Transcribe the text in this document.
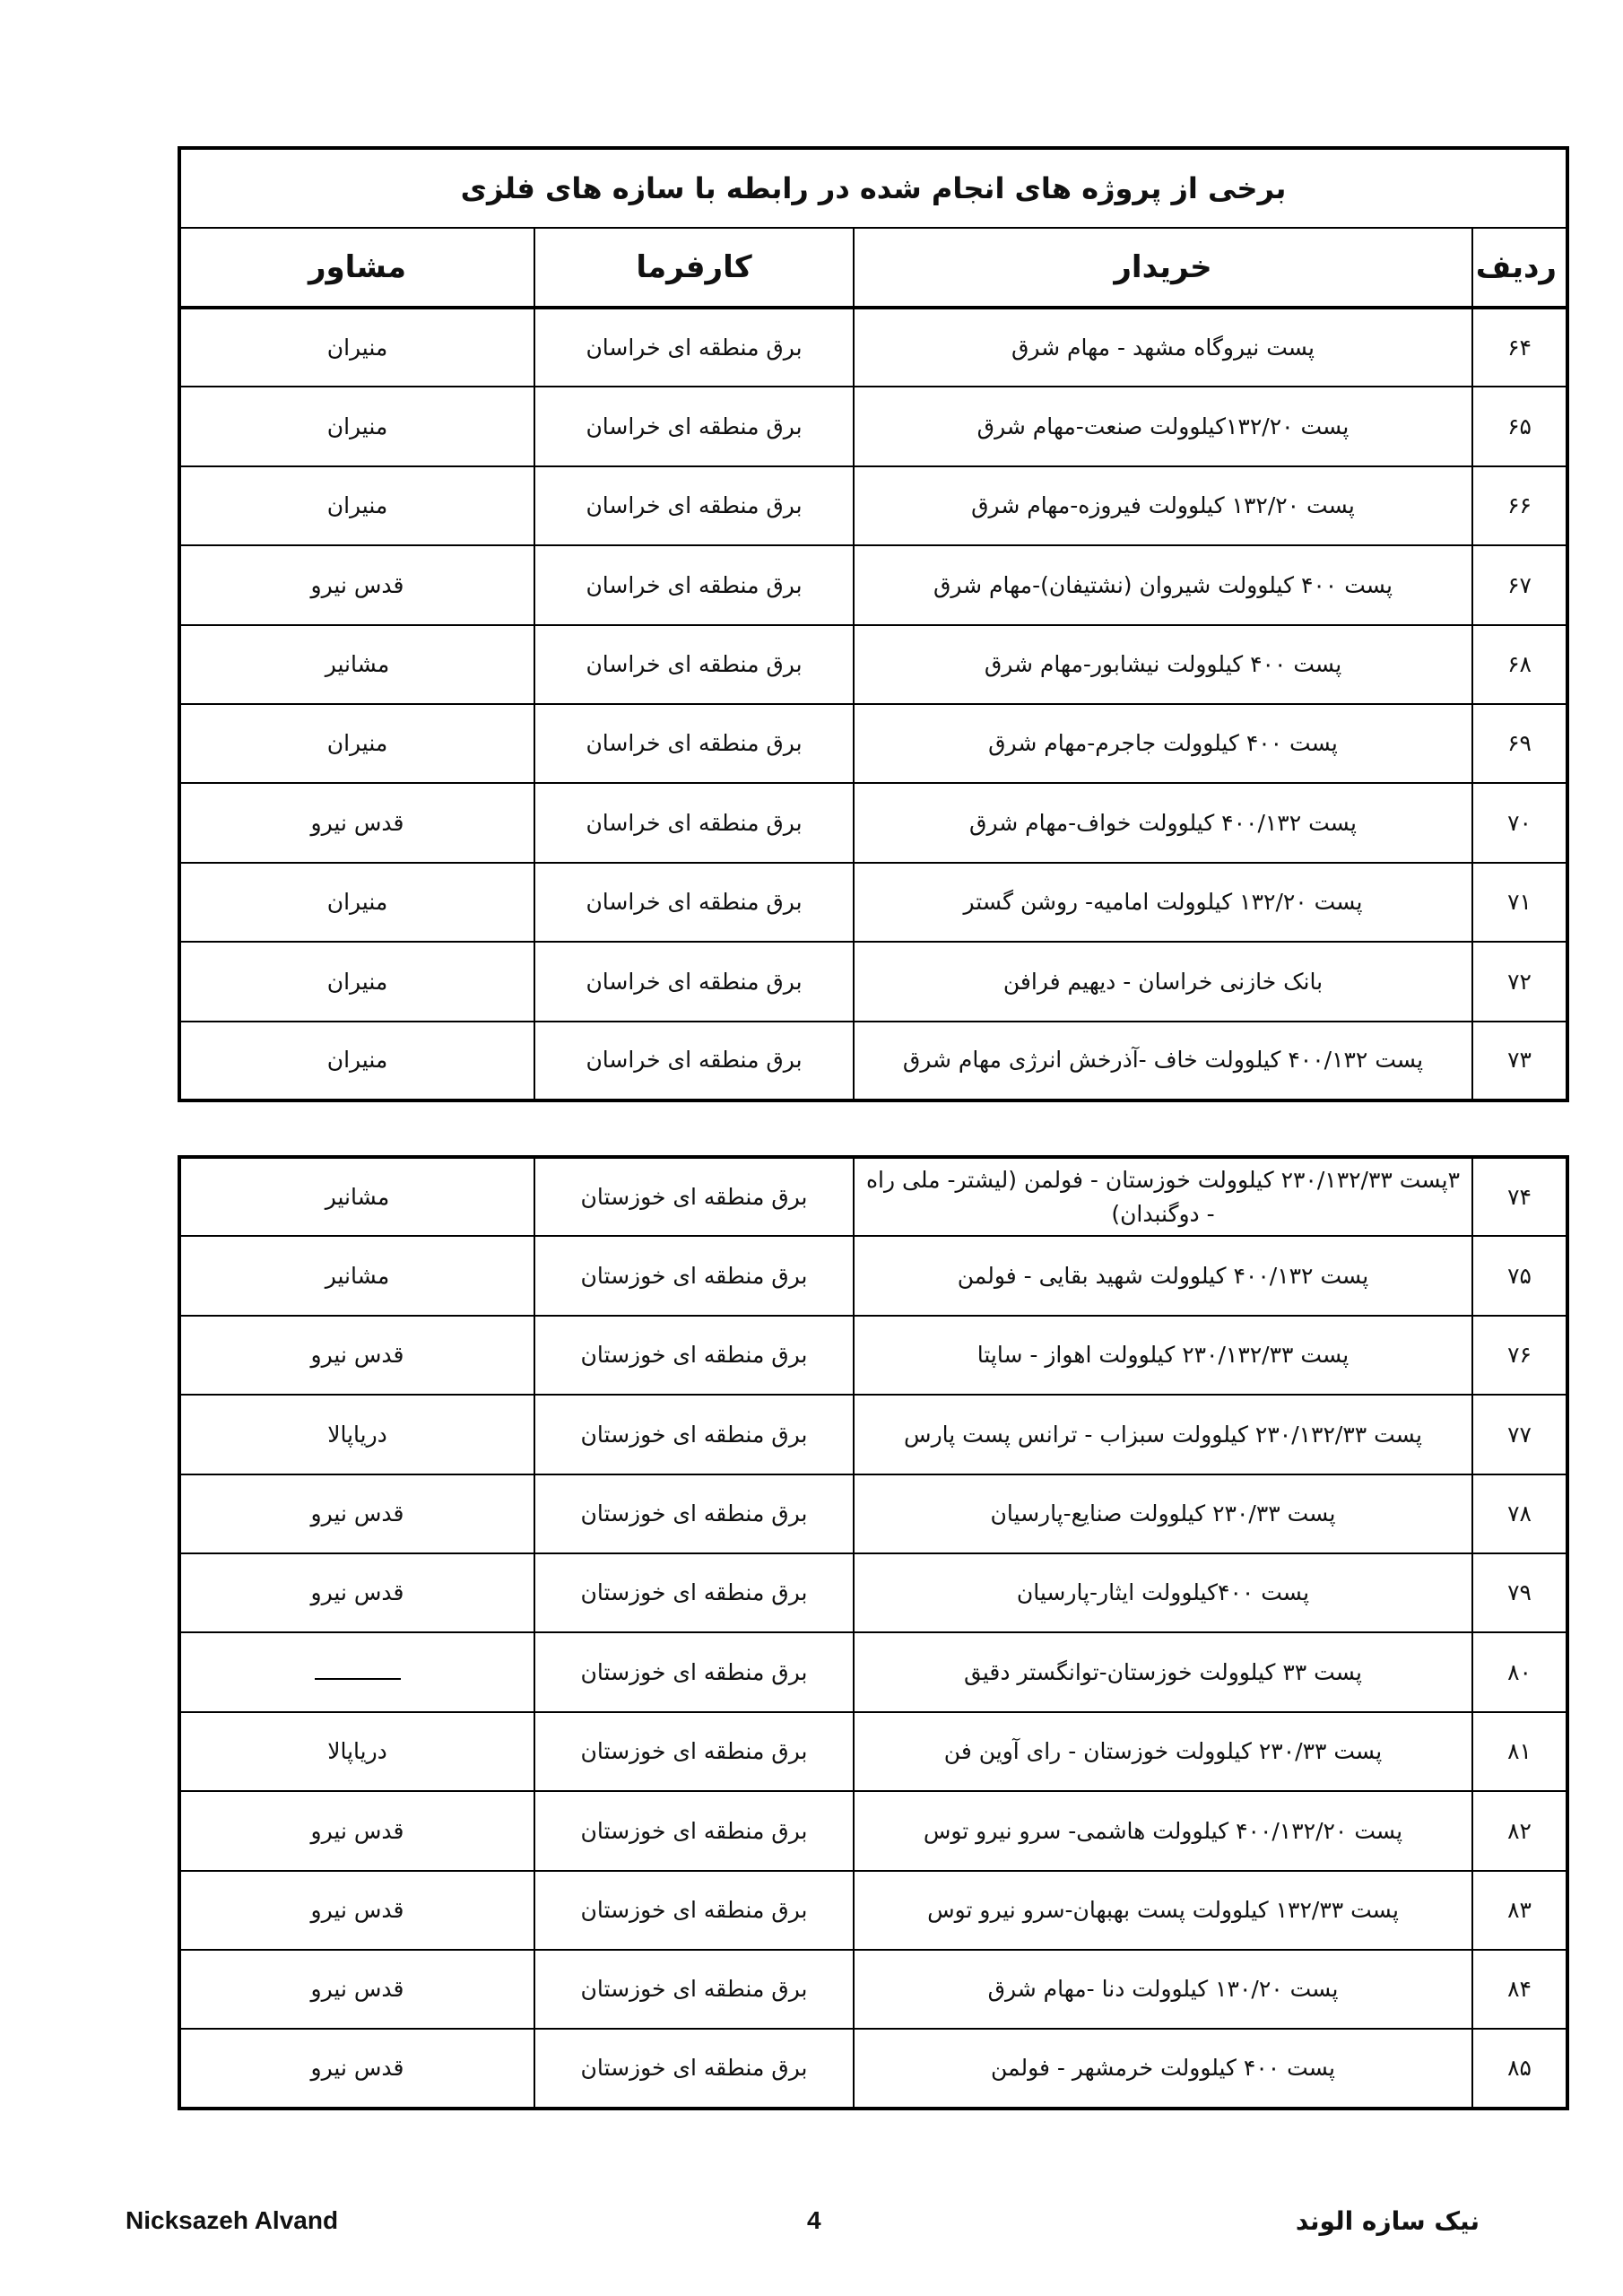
برخی از پروژه های انجام شده در رابطه با سازه های فلزی			
ردیف	خریدار	کارفرما	مشاور
۶۴	پست نیروگاه مشهد - مهام شرق	برق منطقه ای خراسان	منیران
۶۵	پست ۱۳۲/۲۰کیلوولت صنعت-مهام شرق	برق منطقه ای خراسان	منیران
۶۶	پست ۱۳۲/۲۰ کیلوولت فیروزه-مهام شرق	برق منطقه ای خراسان	منیران
۶۷	پست ۴۰۰ کیلوولت شیروان (نشتیفان)-مهام شرق	برق منطقه ای خراسان	قدس نیرو
۶۸	پست ۴۰۰ کیلوولت نیشابور-مهام شرق	برق منطقه ای خراسان	مشانیر
۶۹	پست ۴۰۰ کیلوولت جاجرم-مهام شرق	برق منطقه ای خراسان	منیران
۷۰	پست ۴۰۰/۱۳۲ کیلوولت خواف-مهام شرق	برق منطقه ای خراسان	قدس نیرو
۷۱	پست ۱۳۲/۲۰ کیلوولت امامیه- روشن گستر	برق منطقه ای خراسان	منیران
۷۲	بانک خازنی خراسان - دیهیم فرافن	برق منطقه ای خراسان	منیران
۷۳	پست ۴۰۰/۱۳۲ کیلوولت خاف -آذرخش انرژی مهام شرق	برق منطقه ای خراسان	منیران
۷۴	۳پست ۲۳۰/۱۳۲/۳۳ کیلوولت خوزستان - فولمن (لیشتر- ملی راه - دوگنبدان)	برق منطقه ای خوزستان	مشانیر
۷۵	پست ۴۰۰/۱۳۲ کیلوولت شهید بقایی - فولمن	برق منطقه ای خوزستان	مشانیر
۷۶	پست ۲۳۰/۱۳۲/۳۳ کیلوولت اهواز - ساپتا	برق منطقه ای خوزستان	قدس نیرو
۷۷	پست ۲۳۰/۱۳۲/۳۳ کیلوولت سبزاب - ترانس پست پارس	برق منطقه ای خوزستان	دریاپالا
۷۸	پست ۲۳۰/۳۳ کیلوولت صنایع-پارسیان	برق منطقه ای خوزستان	قدس نیرو
۷۹	پست ۴۰۰کیلوولت ایثار-پارسیان	برق منطقه ای خوزستان	قدس نیرو
۸۰	پست ۳۳ کیلوولت خوزستان-توانگستر دقیق	برق منطقه ای خوزستان	
۸۱	پست ۲۳۰/۳۳ کیلوولت خوزستان - رای آوین فن	برق منطقه ای خوزستان	دریاپالا
۸۲	پست ۴۰۰/۱۳۲/۲۰ کیلوولت هاشمی- سرو نیرو توس	برق منطقه ای خوزستان	قدس نیرو
۸۳	پست ۱۳۲/۳۳ کیلوولت پست بهبهان-سرو نیرو توس	برق منطقه ای خوزستان	قدس نیرو
۸۴	پست ۱۳۰/۲۰ کیلوولت دنا -مهام شرق	برق منطقه ای خوزستان	قدس نیرو
۸۵	پست ۴۰۰ کیلوولت خرمشهر - فولمن	برق منطقه ای خوزستان	قدس نیرو
Nicksazeh Alvand	4	نیک سازه الوند
